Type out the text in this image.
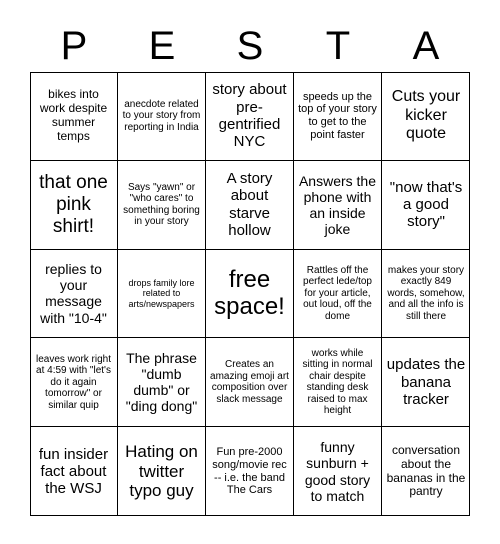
P	E	S	T	A
bikes into work despite summer temps
anecdote related to your story from reporting in India
story about pre-gentrified NYC
speeds up the top of your story to get to the point faster
Cuts your kicker quote
that one pink shirt!
Says "yawn" or "who cares" to something boring in your story
A story about starve hollow
Answers the phone with an inside joke
"now that's a good story"
replies to your message with "10-4"
drops family lore related to arts/newspapers
free space!
Rattles off the perfect lede/top for your article, out loud, off the dome
makes your story exactly 849 words, somehow, and all the info is still there
leaves work right at 4:59 with "let's do it again tomorrow" or similar quip
The phrase "dumb dumb" or "ding dong"
Creates an amazing emoji art composition over slack message
works while sitting in normal chair despite standing desk raised to max height
updates the banana tracker
fun insider fact about the WSJ
Hating on twitter typo guy
Fun pre-2000 song/movie rec -- i.e. the band The Cars
funny sunburn + good story to match
conversation about the bananas in the pantry
